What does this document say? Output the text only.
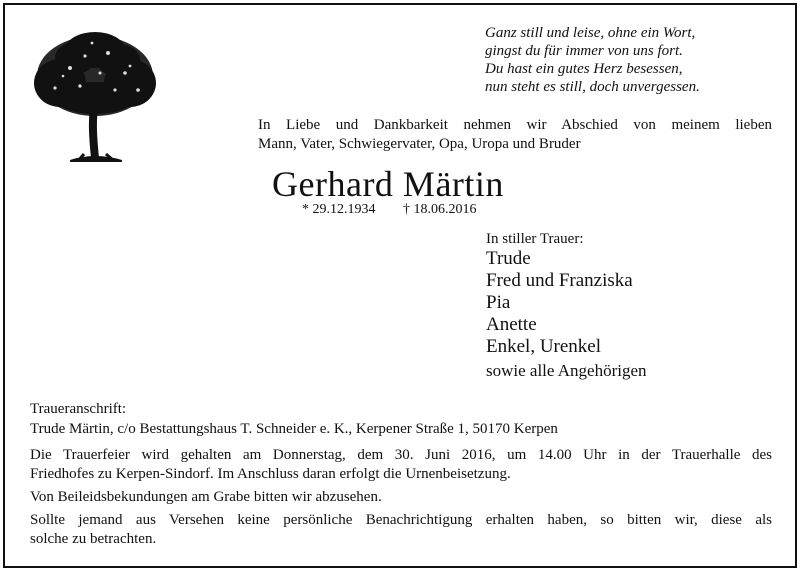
Ganz still und leise, ohne ein Wort,
gingst du für immer von uns fort.
Du hast ein gutes Herz besessen,
nun steht es still, doch unvergessen.
In Liebe und Dankbarkeit nehmen wir Abschied von meinem lieben
Mann, Vater, Schwiegervater, Opa, Uropa und Bruder
Gerhard Märtin
* 29.12.1934 † 18.06.2016
In stiller Trauer:
Trude
Fred und Franziska
Pia
Anette
Enkel, Urenkel
sowie alle Angehörigen
Traueranschrift:
Trude Märtin, c/o Bestattungshaus T. Schneider e. K., Kerpener Straße 1, 50170 Kerpen
Die Trauerfeier wird gehalten am Donnerstag, dem 30. Juni 2016, um 14.00 Uhr in der Trauerhalle des
Friedhofes zu Kerpen-Sindorf. Im Anschluss daran erfolgt die Urnenbeisetzung.
Von Beileidsbekundungen am Grabe bitten wir abzusehen.
Sollte jemand aus Versehen keine persönliche Benachrichtigung erhalten haben, so bitten wir, diese als
solche zu betrachten.
